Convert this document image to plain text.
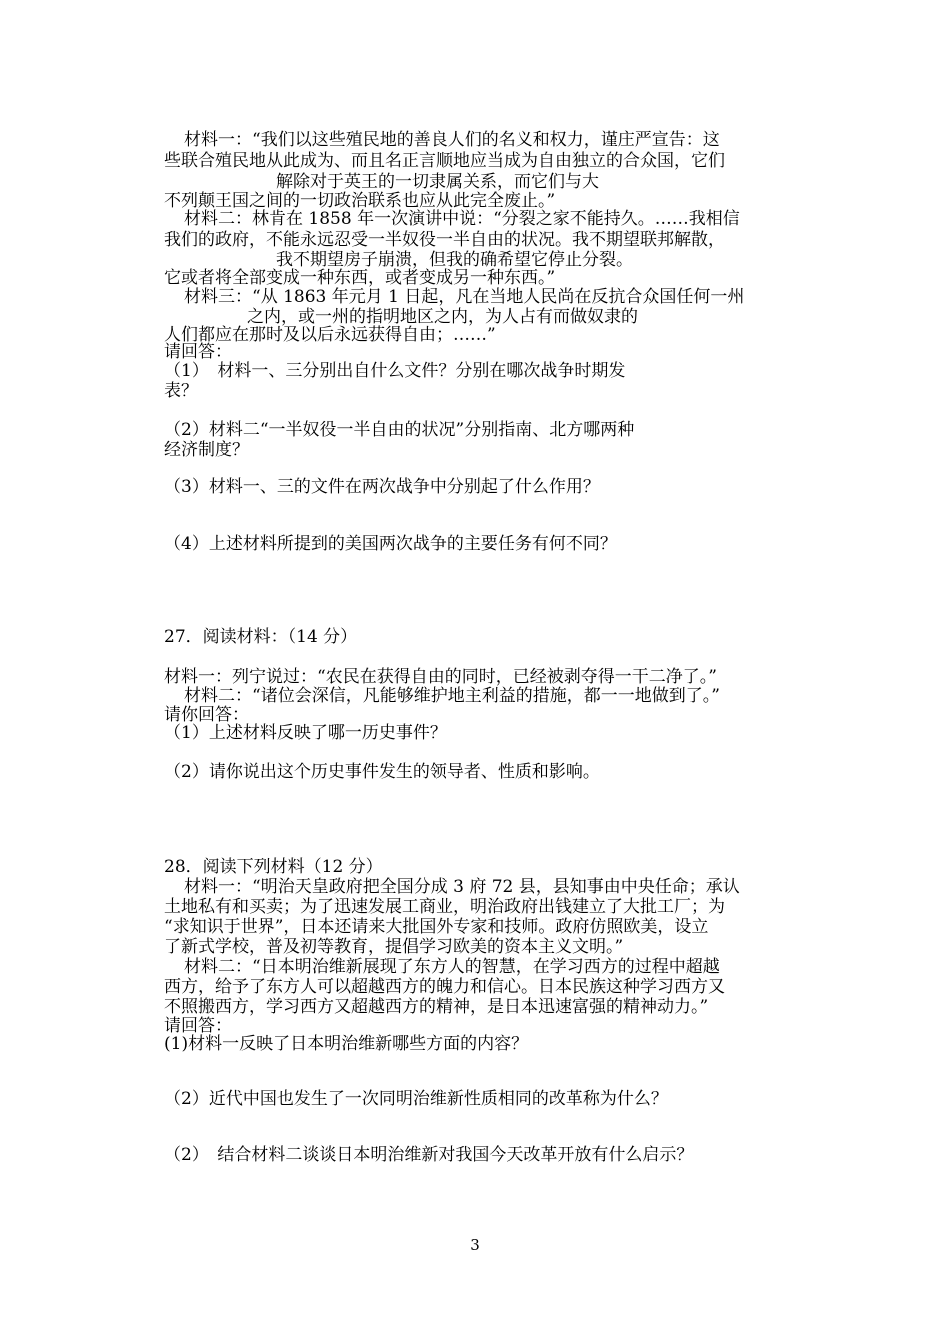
材料一：“我们以这些殖民地的善良人们的名义和权力，谨庄严宣告：这
些联合殖民地从此成为、而且名正言顺地应当成为自由独立的合众国，它们
解除对于英王的一切隶属关系，而它们与大
不列颠王国之间的一切政治联系也应从此完全废止。”
材料二：林肯在 1858 年一次演讲中说：“分裂之家不能持久。……我相信
我们的政府，不能永远忍受一半奴役一半自由的状况。我不期望联邦解散，
我不期望房子崩溃，但我的确希望它停止分裂。
它或者将全部变成一种东西，或者变成另一种东西。”
材料三：“从 1863 年元月 1 日起，凡在当地人民尚在反抗合众国任何一州
之内，或一州的指明地区之内，为人占有而做奴隶的
人们都应在那时及以后永远获得自由；……”
请回答：
（1）　材料一、三分别出自什么文件？分别在哪次战争时期发
表？
（2）材料二“一半奴役一半自由的状况”分别指南、北方哪两种
经济制度？
（3）材料一、三的文件在两次战争中分别起了什么作用？
（4）上述材料所提到的美国两次战争的主要任务有何不同？
27．阅读材料：（14 分）
材料一：列宁说过：“农民在获得自由的同时，已经被剥夺得一干二净了。”
材料二：“诸位会深信，凡能够维护地主利益的措施，都一一地做到了。”
请你回答：
（1）上述材料反映了哪一历史事件？
（2）请你说出这个历史事件发生的领导者、性质和影响。
28．阅读下列材料（12 分）
材料一：“明治天皇政府把全国分成 3 府 72 县，县知事由中央任命；承认
土地私有和买卖；为了迅速发展工商业，明治政府出钱建立了大批工厂；为
“求知识于世界”，日本还请来大批国外专家和技师。政府仿照欧美，设立
了新式学校，普及初等教育，提倡学习欧美的资本主义文明。”
材料二：“日本明治维新展现了东方人的智慧，在学习西方的过程中超越
西方，给予了东方人可以超越西方的魄力和信心。日本民族这种学习西方又
不照搬西方，学习西方又超越西方的精神，是日本迅速富强的精神动力。”
请回答：
(1)材料一反映了日本明治维新哪些方面的内容？
（2）近代中国也发生了一次同明治维新性质相同的改革称为什么？
（2）　结合材料二谈谈日本明治维新对我国今天改革开放有什么启示？
3
